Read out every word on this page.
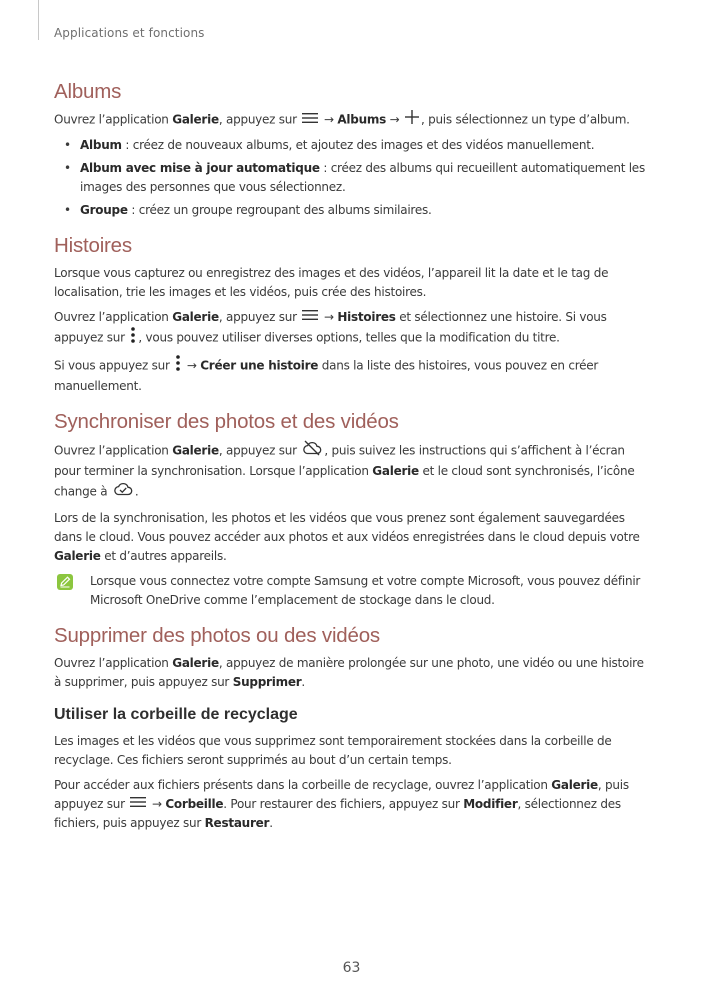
Applications et fonctions
Albums

Ouvrez l’application Galerie, appuyez sur  → Albums → , puis sélectionnez un type d’album.

• Album : créez de nouveaux albums, et ajoutez des images et des vidéos manuellement.
• Album avec mise à jour automatique : créez des albums qui recueillent automatiquement les images des personnes que vous sélectionnez.
• Groupe : créez un groupe regroupant des albums similaires.
Histoires

Lorsque vous capturez ou enregistrez des images et des vidéos, l’appareil lit la date et le tag de localisation, trie les images et les vidéos, puis crée des histoires.

Ouvrez l’application Galerie, appuyez sur  → Histoires et sélectionnez une histoire. Si vous appuyez sur , vous pouvez utiliser diverses options, telles que la modification du titre.

Si vous appuyez sur  → Créer une histoire dans la liste des histoires, vous pouvez en créer manuellement.

Synchroniser des photos et des vidéos

Ouvrez l’application Galerie, appuyez sur , puis suivez les instructions qui s’affichent à l’écran pour terminer la synchronisation. Lorsque l’application Galerie et le cloud sont synchronisés, l’icône change à .

Lors de la synchronisation, les photos et les vidéos que vous prenez sont également sauvegardées dans le cloud. Vous pouvez accéder aux photos et aux vidéos enregistrées dans le cloud depuis votre Galerie et d’autres appareils.

Lorsque vous connectez votre compte Samsung et votre compte Microsoft, vous pouvez définir Microsoft OneDrive comme l’emplacement de stockage dans le cloud.

Supprimer des photos ou des vidéos

Ouvrez l’application Galerie, appuyez de manière prolongée sur une photo, une vidéo ou une histoire à supprimer, puis appuyez sur Supprimer.

Utiliser la corbeille de recyclage

Les images et les vidéos que vous supprimez sont temporairement stockées dans la corbeille de recyclage. Ces fichiers seront supprimés au bout d’un certain temps.

Pour accéder aux fichiers présents dans la corbeille de recyclage, ouvrez l’application Galerie, puis appuyez sur  → Corbeille. Pour restaurer des fichiers, appuyez sur Modifier, sélectionnez des fichiers, puis appuyez sur Restaurer.

63
